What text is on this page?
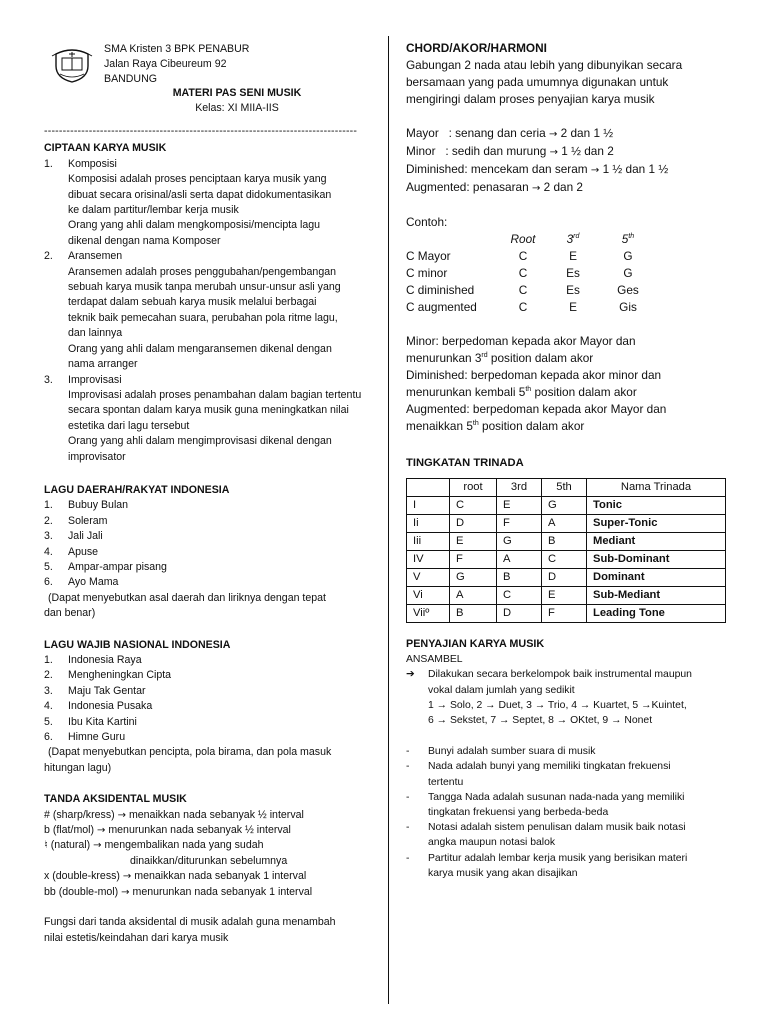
SMA Kristen 3 BPK PENABUR
Jalan Raya Cibeureum 92
BANDUNG
MATERI PAS SENI MUSIK
Kelas: XI MIIA-IIS
------------------------------------------------------------------------------------
CIPTAAN KARYA MUSIK
1.	Komposisi
Komposisi adalah proses penciptaan karya musik yang
dibuat secara orisinal/asli serta dapat didokumentasikan
ke dalam partitur/lembar kerja musik
Orang yang ahli dalam mengkomposisi/mencipta lagu
dikenal dengan nama Komposer
2.	Aransemen
Aransemen adalah proses penggubahan/pengembangan
sebuah karya musik tanpa merubah unsur-unsur asli yang
terdapat dalam sebuah karya musik melalui berbagai
teknik baik pemecahan suara, perubahan pola ritme lagu,
dan lainnya
Orang yang ahli dalam mengaransemen dikenal dengan
nama arranger
3.	Improvisasi
Improvisasi adalah proses penambahan dalam bagian tertentu
secara spontan dalam karya musik guna meningkatkan nilai
estetika dari lagu tersebut
Orang yang ahli dalam mengimprovisasi dikenal dengan
improvisator
LAGU DAERAH/RAKYAT INDONESIA
1.	Bubuy Bulan
2.	Soleram
3.	Jali Jali
4.	Apuse
5.	Ampar-ampar pisang
6.	Ayo Mama
(Dapat menyebutkan asal daerah dan liriknya dengan tepat
dan benar)
LAGU WAJIB NASIONAL INDONESIA
1.	Indonesia Raya
2.	Mengheningkan Cipta
3.	Maju Tak Gentar
4.	Indonesia Pusaka
5.	Ibu Kita Kartini
6.	Himne Guru
(Dapat menyebutkan pencipta, pola birama, dan pola masuk
hitungan lagu)
TANDA AKSIDENTAL MUSIK
# (sharp/kress)
→
menaikkan nada sebanyak ½ interval
b (flat/mol)
→
menurunkan nada sebanyak ½ interval
♮ (natural)
→
mengembalikan nada yang sudah
dinaikkan/diturunkan sebelumnya
x (double-kress)
→
menaikkan nada sebanyak 1 interval
bb (double-mol)
→
menurunkan nada sebanyak 1 interval
Fungsi dari tanda aksidental di musik adalah guna menambah
nilai estetis/keindahan dari karya musik
CHORD/AKOR/HARMONI
Gabungan 2 nada atau lebih yang dibunyikan secara
bersamaan yang pada umumnya digunakan untuk
mengiringi dalam proses penyajian karya musik
Mayor   : senang dan ceria → 2 dan 1 ½
Minor   : sedih dan murung → 1 ½ dan 2
Diminished: mencekam dan seram → 1 ½ dan 1 ½
Augmented: penasaran → 2 dan 2
Contoh:
	Root	3rd	5th
C Mayor	C	E	G
C minor	C	Es	G
C diminished	C	Es	Ges
C augmented	C	E	Gis
Minor: berpedoman kepada akor Mayor dan
menurunkan 3rd position dalam akor
Diminished: berpedoman kepada akor minor dan
menurunkan kembali 5th position dalam akor
Augmented: berpedoman kepada akor Mayor dan
menaikkan 5th position dalam akor
TINGKATAN TRINADA
	root	3rd	5th	Nama Trinada
I	C	E	G	Tonic
Ii	D	F	A	Super-Tonic
Iii	E	G	B	Mediant
IV	F	A	C	Sub-Dominant
V	G	B	D	Dominant
Vi	A	C	E	Sub-Mediant
Viiº	B	D	F	Leading Tone
PENYAJIAN KARYA MUSIK
ANSAMBEL
➔	Dilakukan secara berkelompok baik instrumental maupun
vokal dalam jumlah yang sedikit
1 → Solo, 2 → Duet, 3 → Trio, 4 → Kuartet, 5 →Kuintet,
6 → Sekstet, 7 → Septet, 8 → OKtet, 9 → Nonet
-	Bunyi adalah sumber suara di musik
-	Nada adalah bunyi yang memiliki tingkatan frekuensi
tertentu
-	Tangga Nada adalah susunan nada-nada yang memiliki
tingkatan frekuensi yang berbeda-beda
-	Notasi adalah sistem penulisan dalam musik baik notasi
angka maupun notasi balok
-	Partitur adalah lembar kerja musik yang berisikan materi
karya musik yang akan disajikan
